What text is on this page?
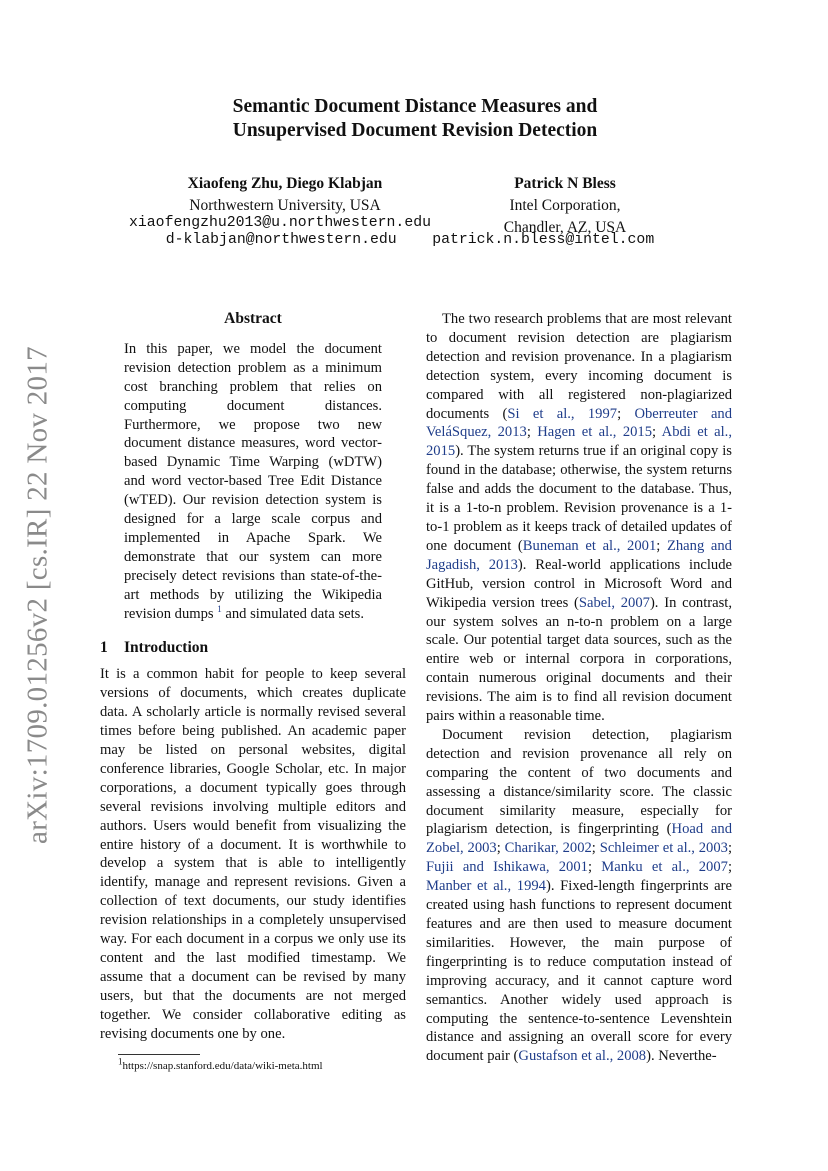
arXiv:1709.01256v2 [cs.IR] 22 Nov 2017
Semantic Document Distance Measures and
Unsupervised Document Revision Detection
Xiaofeng Zhu, Diego Klabjan
Northwestern University, USA
Patrick N Bless
Intel Corporation,
Chandler, AZ, USA
xiaofengzhu2013@u.northwestern.edu
d-klabjan@northwestern.edu patrick.n.bless@intel.com
Abstract

In this paper, we model the document revision detection problem as a minimum cost branching problem that relies on computing document distances. Furthermore, we propose two new document distance measures, word vector-based Dynamic Time Warping (wDTW) and word vector-based Tree Edit Distance (wTED). Our revision detection system is designed for a large scale corpus and implemented in Apache Spark. We demonstrate that our system can more precisely detect revisions than state-of-the-art methods by utilizing the Wikipedia revision dumps $^1$ and simulated data sets.

1 Introduction

It is a common habit for people to keep several versions of documents, which creates duplicate data. A scholarly article is normally revised several times before being published. An academic paper may be listed on personal websites, digital conference libraries, Google Scholar, etc. In major corporations, a document typically goes through several revisions involving multiple editors and authors. Users would benefit from visualizing the entire history of a document. It is worthwhile to develop a system that is able to intelligently identify, manage and represent revisions. Given a collection of text documents, our study identifies revision relationships in a completely unsupervised way. For each document in a corpus we only use its content and the last modified timestamp. We assume that a document can be revised by many users, but that the documents are not merged together. We consider collaborative editing as revising documents one by one.

$^1$https://snap.stanford.edu/data/wiki-meta.html

The two research problems that are most relevant to document revision detection are plagiarism detection and revision provenance. In a plagiarism detection system, every incoming document is compared with all registered non-plagiarized documents (Si et al., 1997; Oberreuter and VeláSquez, 2013; Hagen et al., 2015; Abdi et al., 2015). The system returns true if an original copy is found in the database; otherwise, the system returns false and adds the document to the database. Thus, it is a 1-to-n problem. Revision provenance is a 1-to-1 problem as it keeps track of detailed updates of one document (Buneman et al., 2001; Zhang and Jagadish, 2013). Real-world applications include GitHub, version control in Microsoft Word and Wikipedia version trees (Sabel, 2007). In contrast, our system solves an n-to-n problem on a large scale. Our potential target data sources, such as the entire web or internal corpora in corporations, contain numerous original documents and their revisions. The aim is to find all revision document pairs within a reasonable time.

Document revision detection, plagiarism detection and revision provenance all rely on comparing the content of two documents and assessing a distance/similarity score. The classic document similarity measure, especially for plagiarism detection, is fingerprinting (Hoad and Zobel, 2003; Charikar, 2002; Schleimer et al., 2003; Fujii and Ishikawa, 2001; Manku et al., 2007; Manber et al., 1994). Fixed-length fingerprints are created using hash functions to represent document features and are then used to measure document similarities. However, the main purpose of fingerprinting is to reduce computation instead of improving accuracy, and it cannot capture word semantics. Another widely used approach is computing the sentence-to-sentence Levenshtein distance and assigning an overall score for every document pair (Gustafson et al., 2008). Neverthe-
